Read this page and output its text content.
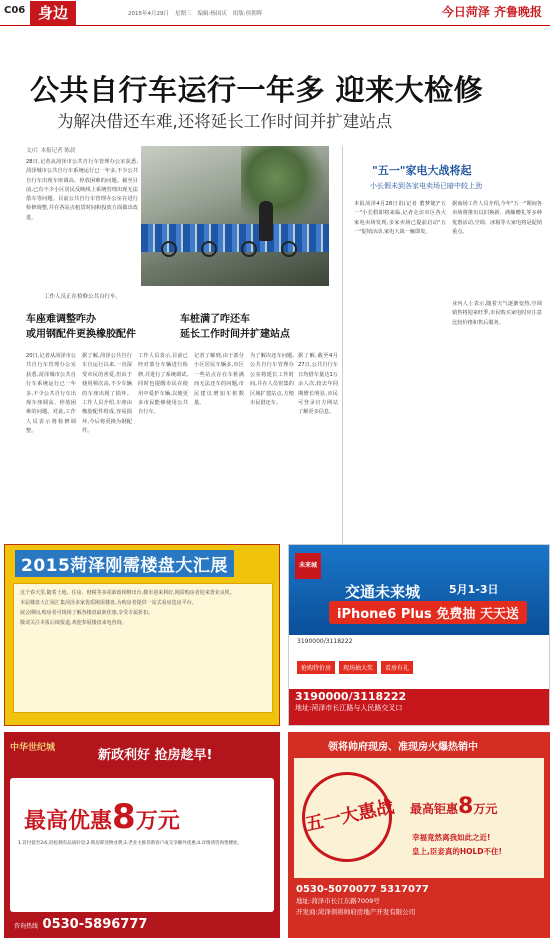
C06 身边	2015年4月29日 星期三 编辑:杨国庆 组版:侯朝晖	今日菏泽 齐鲁晚报
公共自行车运行一年多 迎来大检修
为解决借还车难,还将延长工作时间并扩建站点
文/片 本报记者 陈晨
28日,记者从菏泽市公共自行车管理办公室获悉,菏泽城市公共自行车系统运行已一年多,不少公共自行车出现车座调高、停放困难的问题。截至目前,已有不少小区居民反映线上系统管理出现无法借车等问题。目前公共自行车管理办公室在进行检修调整,并在各站点租赁时间和投放方面做出改进。
工作人员正在检修公共自行车。
车座难调整咋办
或用钢配件更换橡胶配件
车桩满了咋还车
延长工作时间并扩建站点
20日,记者从菏泽市公共自行车管理办公室获悉,菏泽城市公共自行车系统运行已一年多,不少公共自行车出现车座调高、停放困难的问题。对此,工作人员表示将检修调整。
据了解,菏泽公共自行车自运行以来,一直深受市民的喜爱,但由于使用频次高,不少车辆的车座出现了损坏。工作人员介绍,车座由橡胶配件组成,容易损坏,今后将更换为钢配件。
工作人员表示,目前已经对部分车辆进行检修,并进行了系统调试,同时也提醒市民在使用中爱护车辆,以便更多市民能够使用公共自行车。
记者了解到,由于部分小区居民车辆多,市区一些站点存在车桩满而无法还车的问题,市民建议增加车桩数量。
为了解决还车问题,公共自行车管理办公室将延长工作时间,并在人员密集的区域扩建站点,方便市民借还车。
据了解,截至4月27日,公共自行车日均借车量达1万余人次,较去年同期增长明显,市民可登录官方网站了解更多信息。
"五一"家电大战将起
小长假未到各家电卖场已暗中较上劲
本报菏泽4月28日讯(记者 董梦婕)"五一"小长假即将来临,记者走访市区各大家电卖场发现,多家卖场已提前启动"五一"促销活动,家电大战一触即发。
据商场工作人员介绍,今年"五一"期间各卖场将推出以旧换新、满额赠礼等多种优惠活动,空调、冰箱等大家电将是促销重点。
业内人士表示,随着天气逐渐变热,空调销售将迎来旺季,市民购买家电时应注意比较价格和售后服务。
2015菏泽刚需楼盘大汇展

这个春天里,随着土地、住房、财税等多项新政相继出台,楼市迎来利好,刚需购房者迎来置业良机。

本届楼盘大汇展汇集菏泽多家优质刚需楼盘,为购房者提供一站式看房选房平台。

展会期间,购房者可现场了解各楼盘最新优惠,享受专属折扣。

敬请关注本报后续报道,欢迎参展楼盘来电咨询。

未来城
交通未来城	5月1-3日
iPhone6 Plus 免费抽 天天送
3190000/3118222
抢购特价房	现场抽大奖	看房有礼
3190000/3118222
地址:菏泽市长江路与人民路交叉口
中华世纪城	新政利好 抢房趁早!
最高优惠8万元
1.首付低至2成,轻松拥有品质好房;2.购房即送物业费;3.老业主推荐新客户成交享额外优惠;4.详情请咨询售楼处。
咨询热线 0530-5896777
领将帅府现房、准现房火爆热销中
五一大惠战	最高钜惠8万元
幸福竟然离我如此之近!
皇上,臣妾真的HOLD不住!
0530-5070077 5317077
地址:菏泽市长江东路7009号
开发商:菏泽领将帅府房地产开发有限公司
